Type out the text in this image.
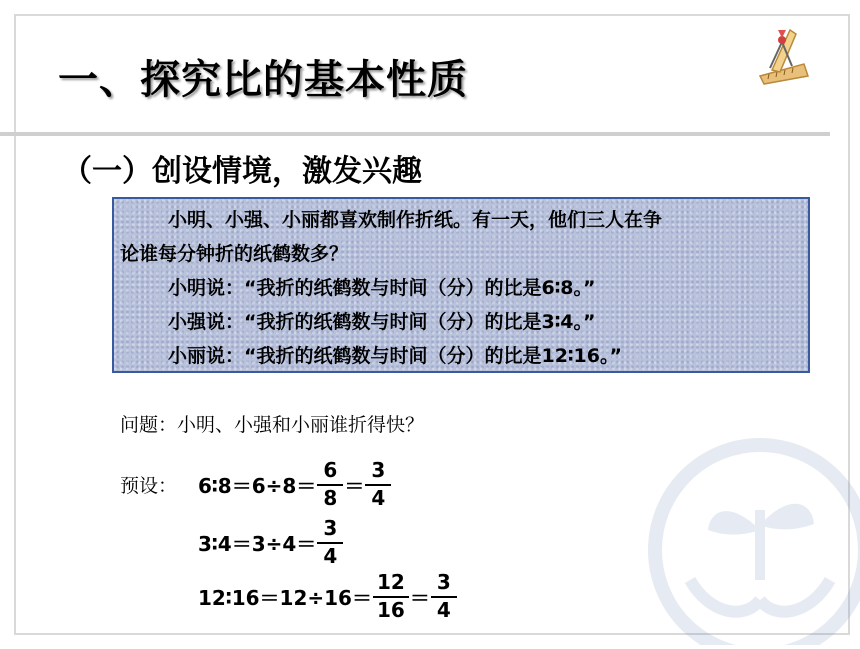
一、探究比的基本性质
（一）创设情境，激发兴趣

小明、小强、小丽都喜欢制作折纸。有一天，他们三人在争

论谁每分钟折的纸鹤数多？

小明说：“我折的纸鹤数与时间（分）的比是6∶8。”

小强说：“我折的纸鹤数与时间（分）的比是3∶4。”

小丽说：“我折的纸鹤数与时间（分）的比是12∶16。”

问题：小明、小强和小丽谁折得快？
预设： 6∶8＝6÷8＝ $\frac{6}{8} = \frac{3}{4}$
3∶4＝3÷4＝ $\frac{3}{4}$
12∶16＝12÷16＝ $\frac{12}{16} = \frac{3}{4}$
